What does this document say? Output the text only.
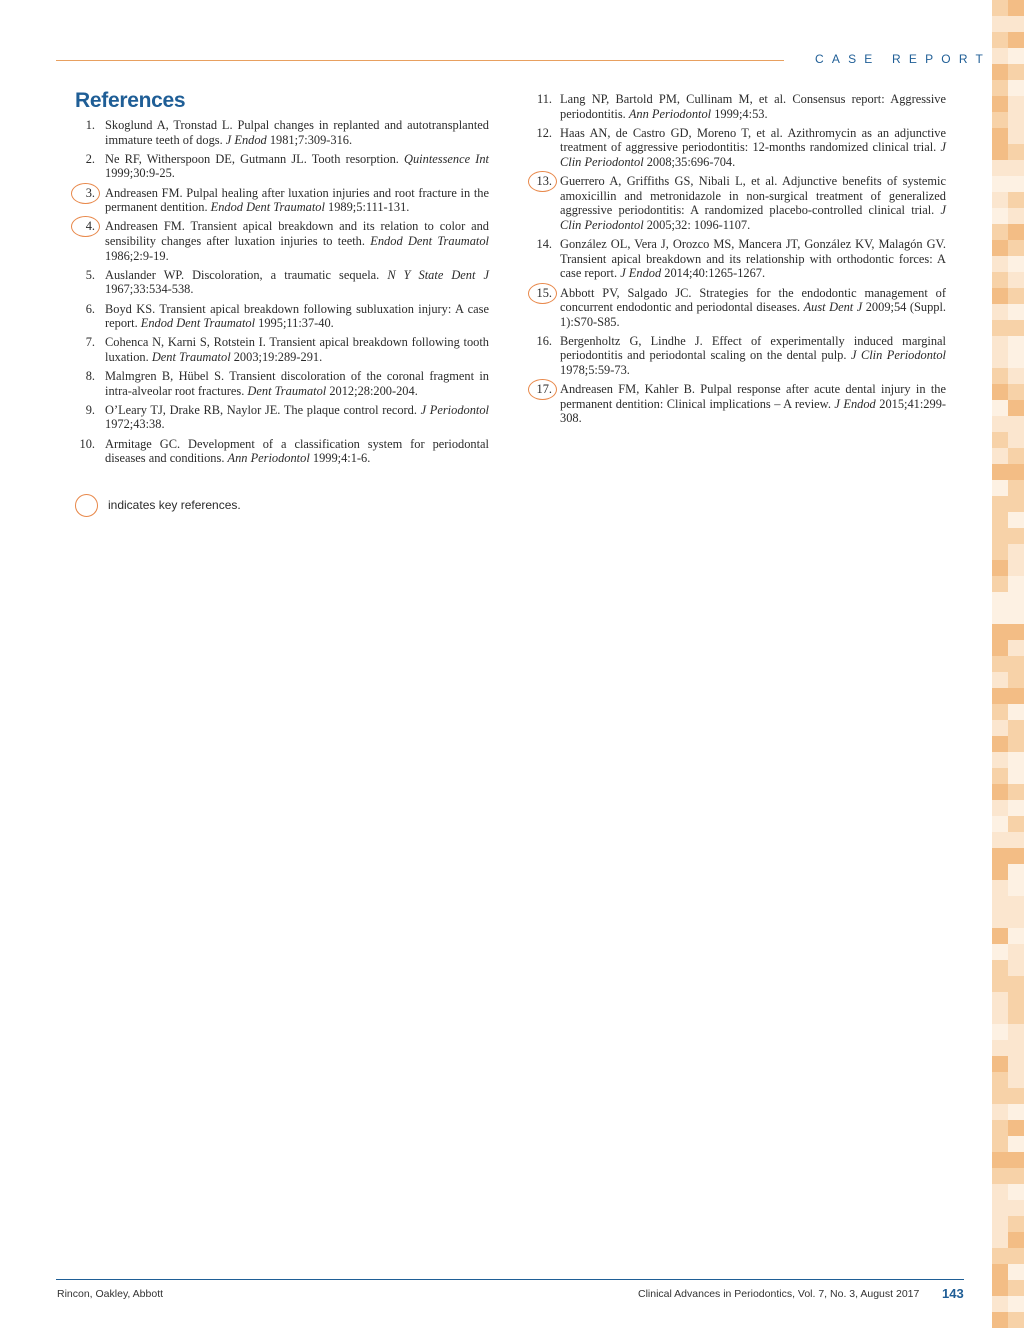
CASE REPORT

References
1. Skoglund A, Tronstad L. Pulpal changes in replanted and autotransplanted immature teeth of dogs. J Endod 1981;7:309-316.
2. Ne RF, Witherspoon DE, Gutmann JL. Tooth resorption. Quintessence Int 1999;30:9-25.
3. Andreasen FM. Pulpal healing after luxation injuries and root fracture in the permanent dentition. Endod Dent Traumatol 1989;5:111-131.
4. Andreasen FM. Transient apical breakdown and its relation to color and sensibility changes after luxation injuries to teeth. Endod Dent Traumatol 1986;2:9-19.
5. Auslander WP. Discoloration, a traumatic sequela. N Y State Dent J 1967;33:534-538.
6. Boyd KS. Transient apical breakdown following subluxation injury: A case report. Endod Dent Traumatol 1995;11:37-40.
7. Cohenca N, Karni S, Rotstein I. Transient apical breakdown following tooth luxation. Dent Traumatol 2003;19:289-291.
8. Malmgren B, Hübel S. Transient discoloration of the coronal fragment in intra-alveolar root fractures. Dent Traumatol 2012;28:200-204.
9. O’Leary TJ, Drake RB, Naylor JE. The plaque control record. J Periodontol 1972;43:38.
10. Armitage GC. Development of a classification system for periodontal diseases and conditions. Ann Periodontol 1999;4:1-6.
11. Lang NP, Bartold PM, Cullinam M, et al. Consensus report: Aggressive periodontitis. Ann Periodontol 1999;4:53.
12. Haas AN, de Castro GD, Moreno T, et al. Azithromycin as an adjunctive treatment of aggressive periodontitis: 12-months randomized clinical trial. J Clin Periodontol 2008;35:696-704.
13. Guerrero A, Griffiths GS, Nibali L, et al. Adjunctive benefits of systemic amoxicillin and metronidazole in non-surgical treatment of generalized aggressive periodontitis: A randomized placebo-controlled clinical trial. J Clin Periodontol 2005;32: 1096-1107.
14. González OL, Vera J, Orozco MS, Mancera JT, González KV, Malagón GV. Transient apical breakdown and its relationship with orthodontic forces: A case report. J Endod 2014;40:1265-1267.
15. Abbott PV, Salgado JC. Strategies for the endodontic management of concurrent endodontic and periodontal diseases. Aust Dent J 2009;54 (Suppl. 1):S70-S85.
16. Bergenholtz G, Lindhe J. Effect of experimentally induced marginal periodontitis and periodontal scaling on the dental pulp. J Clin Periodontol 1978;5:59-73.
17. Andreasen FM, Kahler B. Pulpal response after acute dental injury in the permanent dentition: Clinical implications – A review. J Endod 2015;41:299-308.

indicates key references.

Rincon, Oakley, Abbott	Clinical Advances in Periodontics, Vol. 7, No. 3, August 2017 143
